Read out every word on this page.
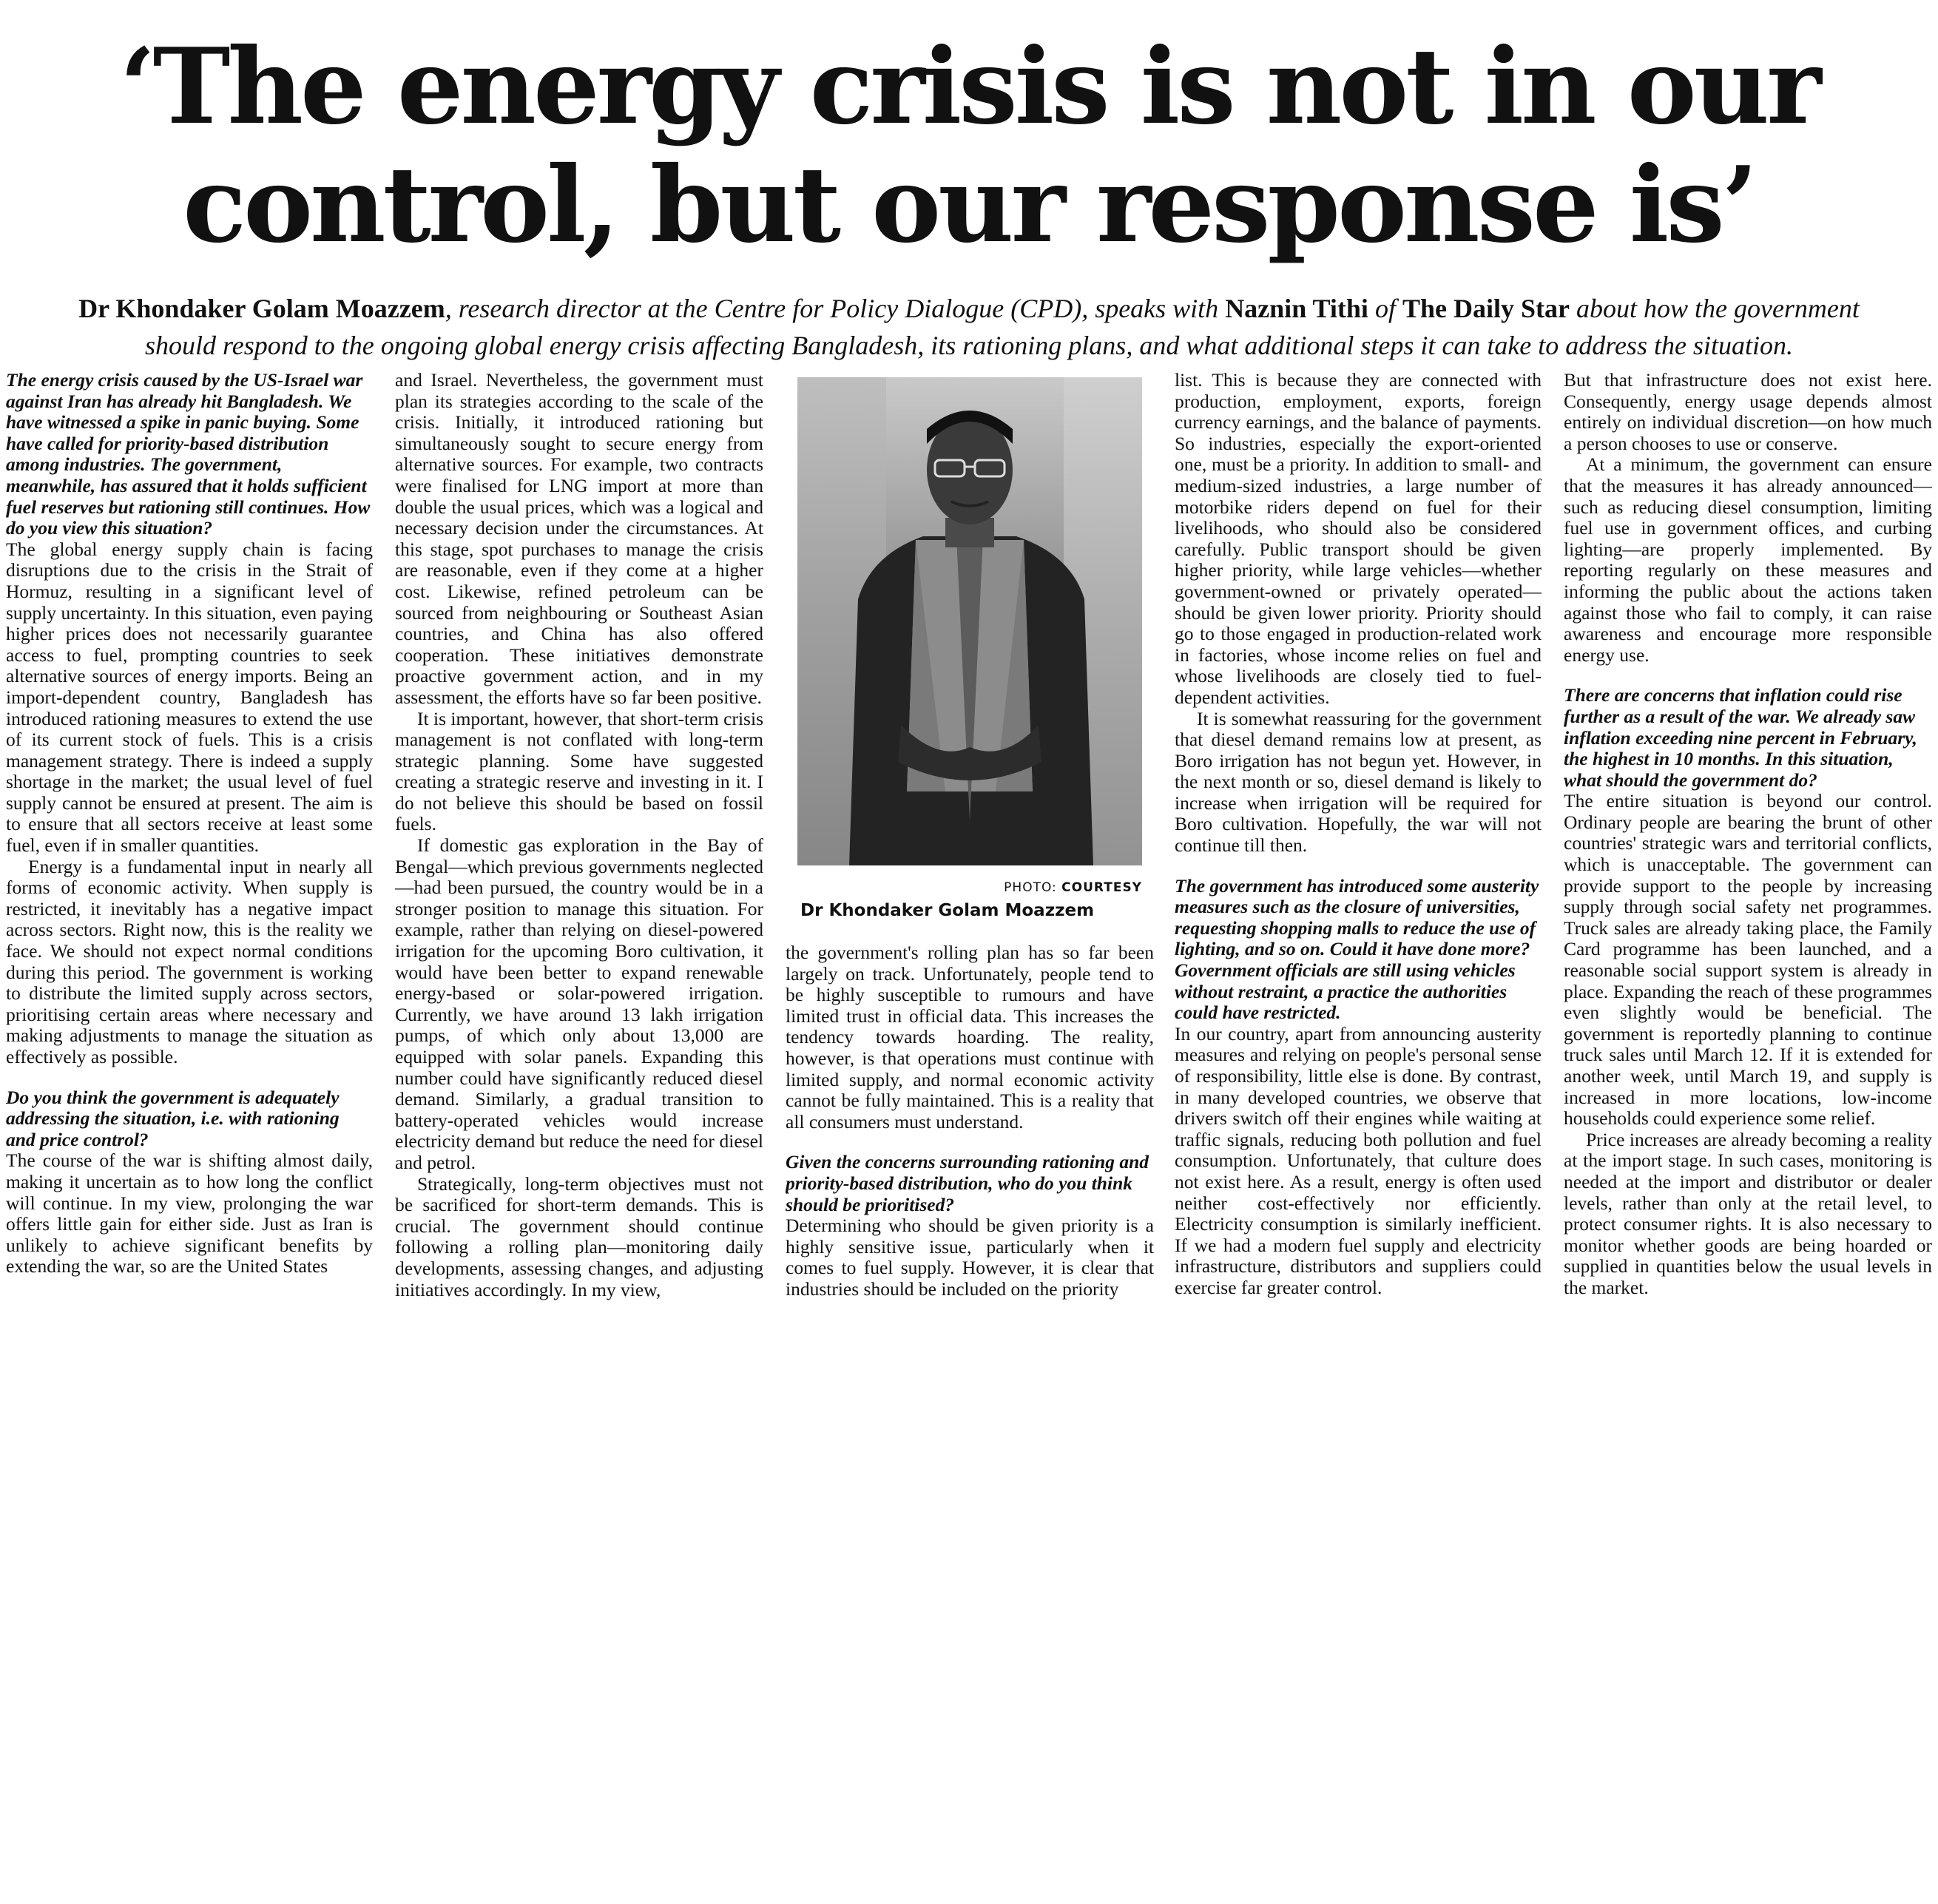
‘The energy crisis is not in our
control, but our response is’
Dr Khondaker Golam Moazzem, research director at the Centre for Policy Dialogue (CPD), speaks with Naznin Tithi of The Daily Star about how the government should respond to the ongoing global energy crisis affecting Bangladesh, its rationing plans, and what additional steps it can take to address the situation.

The energy crisis caused by the US-Israel war against Iran has already hit Bangladesh. We have witnessed a spike in panic buying. Some have called for priority-based distribution among industries. The government, meanwhile, has assured that it holds sufficient fuel reserves but rationing still continues. How do you view this situation?

The global energy supply chain is facing disruptions due to the crisis in the Strait of Hormuz, resulting in a significant level of supply uncertainty. In this situation, even paying higher prices does not necessarily guarantee access to fuel, prompting countries to seek alternative sources of energy imports. Being an import-dependent country, Bangladesh has introduced rationing measures to extend the use of its current stock of fuels. This is a crisis management strategy. There is indeed a supply shortage in the market; the usual level of fuel supply cannot be ensured at present. The aim is to ensure that all sectors receive at least some fuel, even if in smaller quantities.

Energy is a fundamental input in nearly all forms of economic activity. When supply is restricted, it inevitably has a negative impact across sectors. Right now, this is the reality we face. We should not expect normal conditions during this period. The government is working to distribute the limited supply across sectors, prioritising certain areas where necessary and making adjustments to manage the situation as effectively as possible.

Do you think the government is adequately addressing the situation, i.e. with rationing and price control?

The course of the war is shifting almost daily, making it uncertain as to how long the conflict will continue. In my view, prolonging the war offers little gain for either side. Just as Iran is unlikely to achieve significant benefits by extending the war, so are the United States

and Israel. Nevertheless, the government must plan its strategies according to the scale of the crisis. Initially, it introduced rationing but simultaneously sought to secure energy from alternative sources. For example, two contracts were finalised for LNG import at more than double the usual prices, which was a logical and necessary decision under the circumstances. At this stage, spot purchases to manage the crisis are reasonable, even if they come at a higher cost. Likewise, refined petroleum can be sourced from neighbouring or Southeast Asian countries, and China has also offered cooperation. These initiatives demonstrate proactive government action, and in my assessment, the efforts have so far been positive.

It is important, however, that short-term crisis management is not conflated with long-term strategic planning. Some have suggested creating a strategic reserve and investing in it. I do not believe this should be based on fossil fuels.

If domestic gas exploration in the Bay of Bengal—which previous governments neglected—had been pursued, the country would be in a stronger position to manage this situation. For example, rather than relying on diesel-powered irrigation for the upcoming Boro cultivation, it would have been better to expand renewable energy-based or solar-powered irrigation. Currently, we have around 13 lakh irrigation pumps, of which only about 13,000 are equipped with solar panels. Expanding this number could have significantly reduced diesel demand. Similarly, a gradual transition to battery-operated vehicles would increase electricity demand but reduce the need for diesel and petrol.

Strategically, long-term objectives must not be sacrificed for short-term demands. This is crucial. The government should continue following a rolling plan—monitoring daily developments, assessing changes, and adjusting initiatives accordingly. In my view,

the government's rolling plan has so far been largely on track. Unfortunately, people tend to be highly susceptible to rumours and have limited trust in official data. This increases the tendency towards hoarding. The reality, however, is that operations must continue with limited supply, and normal economic activity cannot be fully maintained. This is a reality that all consumers must understand.

Given the concerns surrounding rationing and priority-based distribution, who do you think should be prioritised?

Determining who should be given priority is a highly sensitive issue, particularly when it comes to fuel supply. However, it is clear that industries should be included on the priority

list. This is because they are connected with production, employment, exports, foreign currency earnings, and the balance of payments. So industries, especially the export-oriented one, must be a priority. In addition to small- and medium-sized industries, a large number of motorbike riders depend on fuel for their livelihoods, who should also be considered carefully. Public transport should be given higher priority, while large vehicles—whether government-owned or privately operated—should be given lower priority. Priority should go to those engaged in production-related work in factories, whose income relies on fuel and whose livelihoods are closely tied to fuel-dependent activities.

It is somewhat reassuring for the government that diesel demand remains low at present, as Boro irrigation has not begun yet. However, in the next month or so, diesel demand is likely to increase when irrigation will be required for Boro cultivation. Hopefully, the war will not continue till then.

The government has introduced some austerity measures such as the closure of universities, requesting shopping malls to reduce the use of lighting, and so on. Could it have done more? Government officials are still using vehicles without restraint, a practice the authorities could have restricted.

In our country, apart from announcing austerity measures and relying on people's personal sense of responsibility, little else is done. By contrast, in many developed countries, we observe that drivers switch off their engines while waiting at traffic signals, reducing both pollution and fuel consumption. Unfortunately, that culture does not exist here. As a result, energy is often used neither cost-effectively nor efficiently. Electricity consumption is similarly inefficient. If we had a modern fuel supply and electricity infrastructure, distributors and suppliers could exercise far greater control.

But that infrastructure does not exist here. Consequently, energy usage depends almost entirely on individual discretion—on how much a person chooses to use or conserve.

At a minimum, the government can ensure that the measures it has already announced—such as reducing diesel consumption, limiting fuel use in government offices, and curbing lighting—are properly implemented. By reporting regularly on these measures and informing the public about the actions taken against those who fail to comply, it can raise awareness and encourage more responsible energy use.

There are concerns that inflation could rise further as a result of the war. We already saw inflation exceeding nine percent in February, the highest in 10 months. In this situation, what should the government do?

The entire situation is beyond our control. Ordinary people are bearing the brunt of other countries' strategic wars and territorial conflicts, which is unacceptable. The government can provide support to the people by increasing supply through social safety net programmes. Truck sales are already taking place, the Family Card programme has been launched, and a reasonable social support system is already in place. Expanding the reach of these programmes even slightly would be beneficial. The government is reportedly planning to continue truck sales until March 12. If it is extended for another week, until March 19, and supply is increased in more locations, low-income households could experience some relief.

Price increases are already becoming a reality at the import stage. In such cases, monitoring is needed at the import and distributor or dealer levels, rather than only at the retail level, to protect consumer rights. It is also necessary to monitor whether goods are being hoarded or supplied in quantities below the usual levels in the market.

PHOTO: COURTESY
Dr Khondaker Golam Moazzem
